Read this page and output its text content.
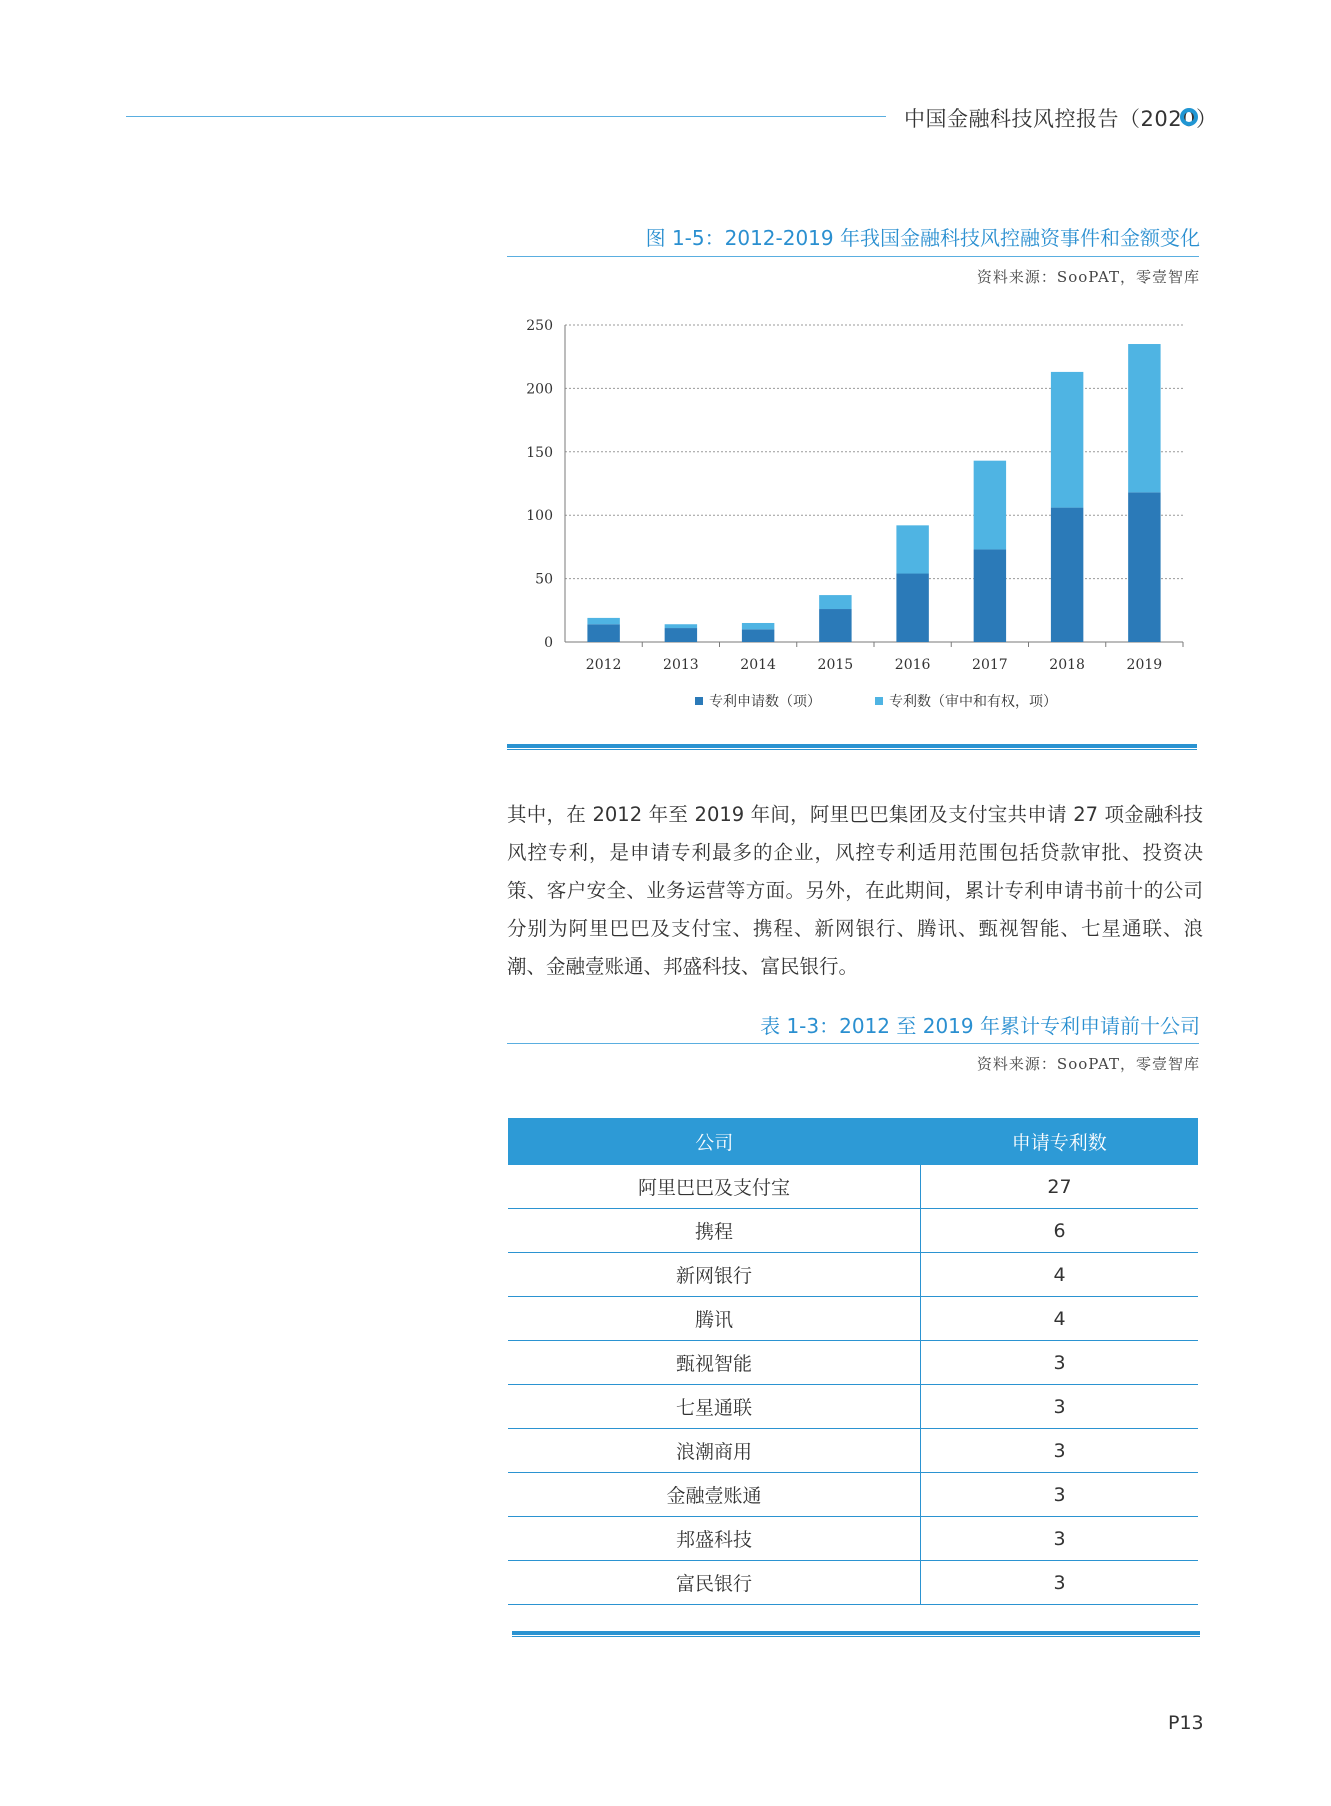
中国金融科技风控报告（2020）
图 1-5：2012-2019 年我国金融科技风控融资事件和金额变化
资料来源：SooPAT，零壹智库
0
50
100
150
200
250
2012	2013	2014	2015	2016	2017	2018	2019
专利申请数（项）	专利数（审中和有权，项）
其中，在 2012 年至 2019 年间，阿里巴巴集团及支付宝共申请 27 项金融科技风控专利，是申请专利最多的企业，风控专利适用范围包括贷款审批、投资决策、客户安全、业务运营等方面。另外，在此期间，累计专利申请书前十的公司分别为阿里巴巴及支付宝、携程、新网银行、腾讯、甄视智能、七星通联、浪潮、金融壹账通、邦盛科技、富民银行。
表 1-3：2012 至 2019 年累计专利申请前十公司
资料来源：SooPAT，零壹智库
公司	申请专利数
阿里巴巴及支付宝	27
携程	6
新网银行	4
腾讯	4
甄视智能	3
七星通联	3
浪潮商用	3
金融壹账通	3
邦盛科技	3
富民银行	3
P13
